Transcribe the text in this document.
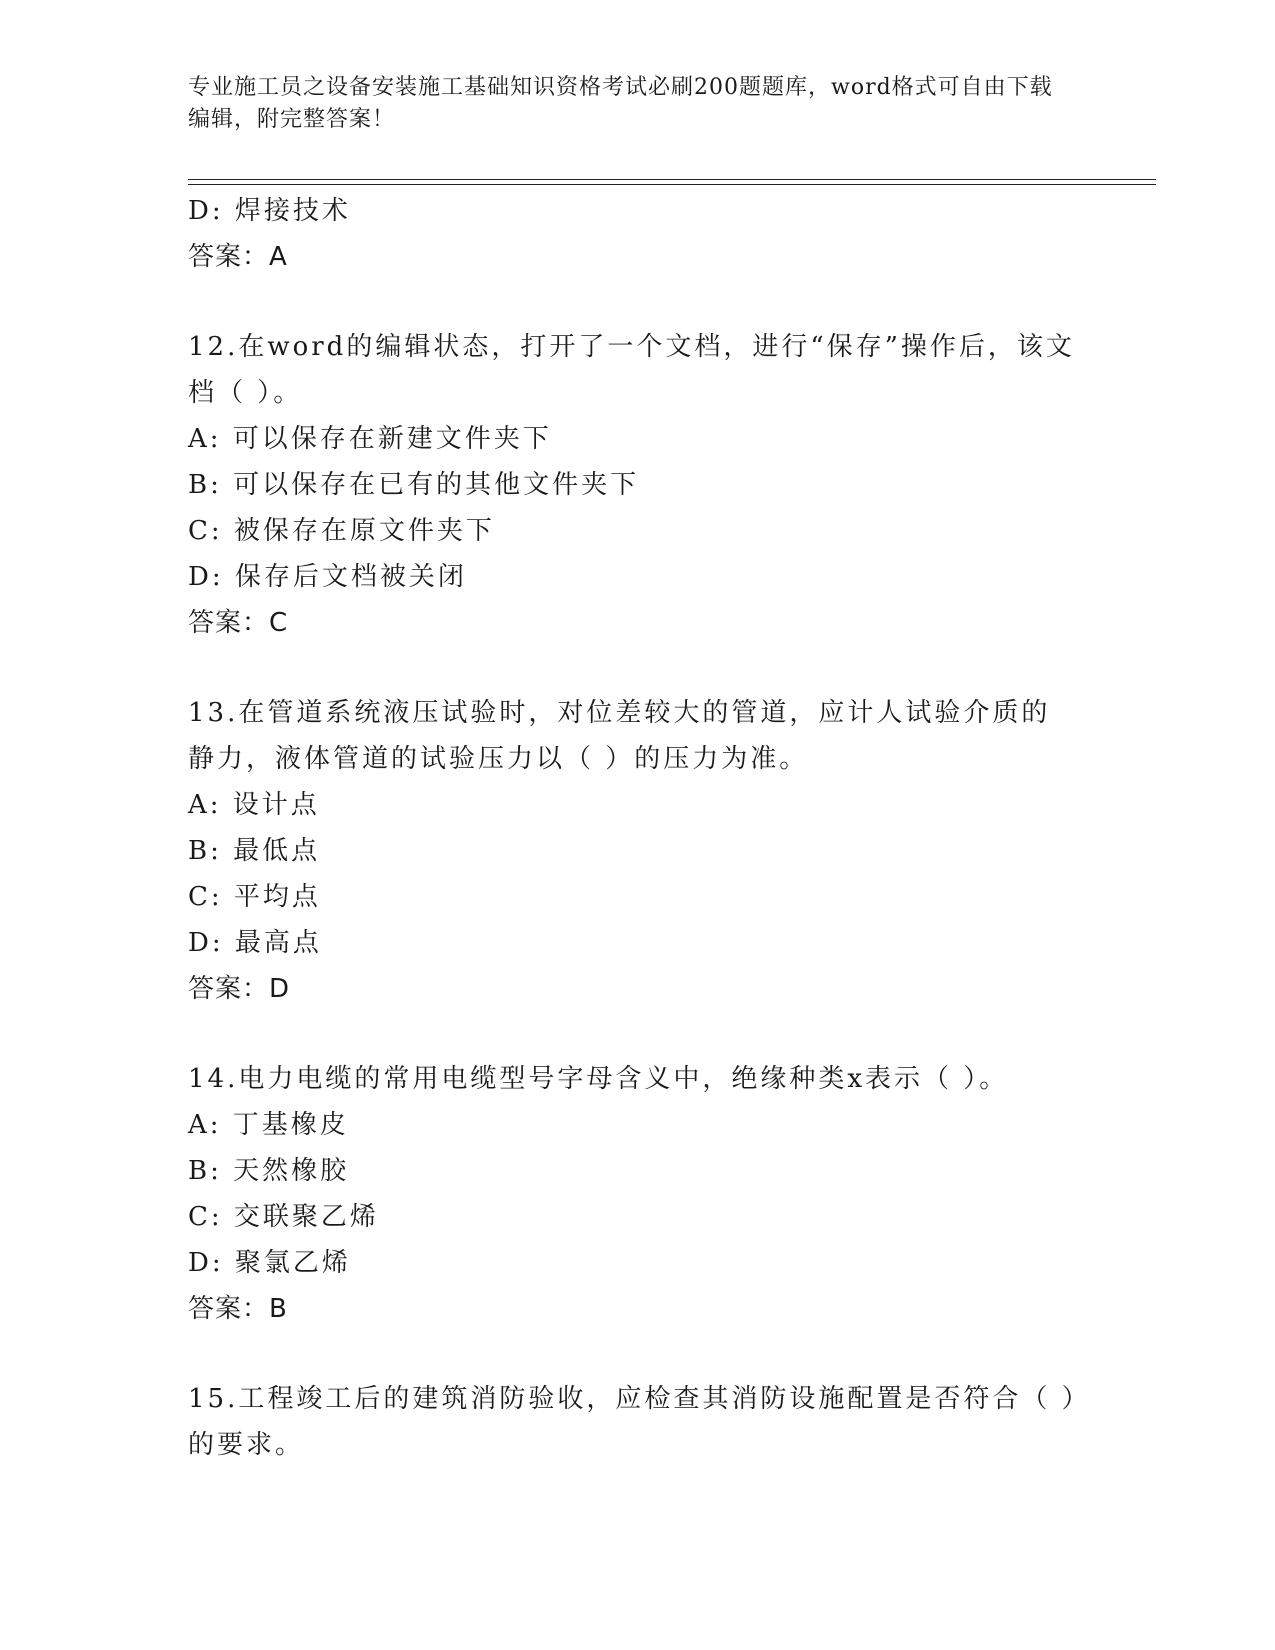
专业施工员之设备安装施工基础知识资格考试必刷200题题库，word格式可自由下载编辑，附完整答案！
D: 焊接技术
答案：A
12.在word的编辑状态，打开了一个文档，进行“保存”操作后，该文档（ ）。
A: 可以保存在新建文件夹下
B: 可以保存在已有的其他文件夹下
C: 被保存在原文件夹下
D: 保存后文档被关闭
答案：C
13.在管道系统液压试验时，对位差较大的管道，应计人试验介质的静力，液体管道的试验压力以（ ）的压力为准。
A: 设计点
B: 最低点
C: 平均点
D: 最高点
答案：D
14.电力电缆的常用电缆型号字母含义中，绝缘种类x表示（ ）。
A: 丁基橡皮
B: 天然橡胶
C: 交联聚乙烯
D: 聚氯乙烯
答案：B
15.工程竣工后的建筑消防验收，应检查其消防设施配置是否符合（ ）的要求。
